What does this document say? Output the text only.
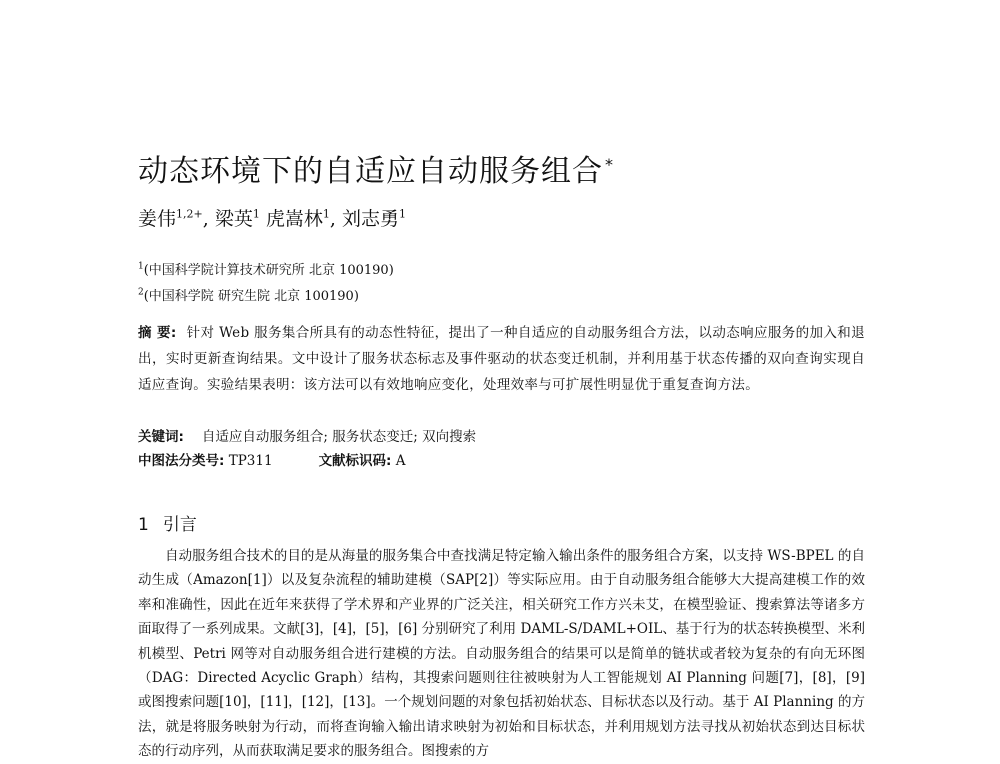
动态环境下的自适应自动服务组合 *
姜伟$^{1,2+}$, 梁英$^1$ 虎嵩林$^1$, 刘志勇$^1$
$^1$(中国科学院计算技术研究所 北京 100190)
$^2$(中国科学院 研究生院 北京 100190)
摘 要: 针对 Web 服务集合所具有的动态性特征，提出了一种自适应的自动服务组合方法，以动态响应服务的加入和退出，实时更新查询结果。文中设计了服务状态标志及事件驱动的状态变迁机制，并利用基于状态传播的双向查询实现自适应查询。实验结果表明：该方法可以有效地响应变化，处理效率与可扩展性明显优于重复查询方法。
关键词: 自适应自动服务组合; 服务状态变迁; 双向搜索
中图法分类号: TP311	文献标识码: A
1 引言
自动服务组合技术的目的是从海量的服务集合中查找满足特定输入输出条件的服务组合方案，以支持 WS-BPEL 的自动生成（Amazon[1]）以及复杂流程的辅助建模（SAP[2]）等实际应用。由于自动服务组合能够大大提高建模工作的效率和准确性，因此在近年来获得了学术界和产业界的广泛关注，相关研究工作方兴未艾，在模型验证、搜索算法等诸多方面取得了一系列成果。文献[3]，[4]，[5]，[6] 分别研究了利用 DAML-S/DAML+OIL、基于行为的状态转换模型、米利机模型、Petri 网等对自动服务组合进行建模的方法。自动服务组合的结果可以是简单的链状或者较为复杂的有向无环图（DAG：Directed Acyclic Graph）结构，其搜索问题则往往被映射为人工智能规划 AI Planning 问题[7]，[8]，[9]或图搜索问题[10]，[11]，[12]，[13]。一个规划问题的对象包括初始状态、目标状态以及行动。基于 AI Planning 的方法，就是将服务映射为行动，而将查询输入输出请求映射为初始和目标状态，并利用规划方法寻找从初始状态到达目标状态的行动序列，从而获取满足要求的服务组合。图搜索的方
